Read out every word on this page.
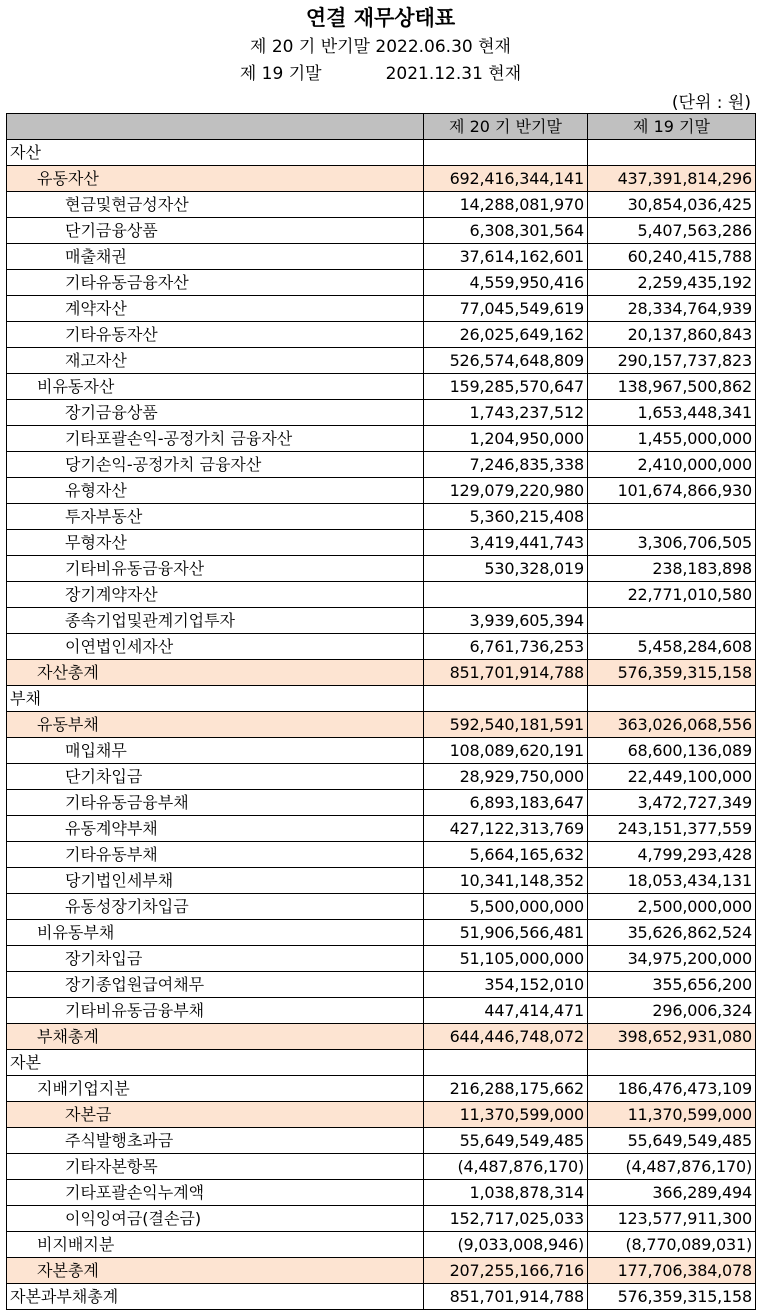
연결 재무상태표
제 20 기 반기말 2022.06.30 현재
제 19 기말	2021.12.31 현재
(단위 : 원)
	제 20 기 반기말	제 19 기말
자산		
유동자산	692,416,344,141	437,391,814,296
현금및현금성자산	14,288,081,970	30,854,036,425
단기금융상품	6,308,301,564	5,407,563,286
매출채권	37,614,162,601	60,240,415,788
기타유동금융자산	4,559,950,416	2,259,435,192
계약자산	77,045,549,619	28,334,764,939
기타유동자산	26,025,649,162	20,137,860,843
재고자산	526,574,648,809	290,157,737,823
비유동자산	159,285,570,647	138,967,500,862
장기금융상품	1,743,237,512	1,653,448,341
기타포괄손익-공정가치 금융자산	1,204,950,000	1,455,000,000
당기손익-공정가치 금융자산	7,246,835,338	2,410,000,000
유형자산	129,079,220,980	101,674,866,930
투자부동산	5,360,215,408	
무형자산	3,419,441,743	3,306,706,505
기타비유동금융자산	530,328,019	238,183,898
장기계약자산		22,771,010,580
종속기업및관계기업투자	3,939,605,394	
이연법인세자산	6,761,736,253	5,458,284,608
자산총계	851,701,914,788	576,359,315,158
부채		
유동부채	592,540,181,591	363,026,068,556
매입채무	108,089,620,191	68,600,136,089
단기차입금	28,929,750,000	22,449,100,000
기타유동금융부채	6,893,183,647	3,472,727,349
유동계약부채	427,122,313,769	243,151,377,559
기타유동부채	5,664,165,632	4,799,293,428
당기법인세부채	10,341,148,352	18,053,434,131
유동성장기차입금	5,500,000,000	2,500,000,000
비유동부채	51,906,566,481	35,626,862,524
장기차입금	51,105,000,000	34,975,200,000
장기종업원급여채무	354,152,010	355,656,200
기타비유동금융부채	447,414,471	296,006,324
부채총계	644,446,748,072	398,652,931,080
자본		
지배기업지분	216,288,175,662	186,476,473,109
자본금	11,370,599,000	11,370,599,000
주식발행초과금	55,649,549,485	55,649,549,485
기타자본항목	(4,487,876,170)	(4,487,876,170)
기타포괄손익누계액	1,038,878,314	366,289,494
이익잉여금(결손금)	152,717,025,033	123,577,911,300
비지배지분	(9,033,008,946)	(8,770,089,031)
자본총계	207,255,166,716	177,706,384,078
자본과부채총계	851,701,914,788	576,359,315,158
